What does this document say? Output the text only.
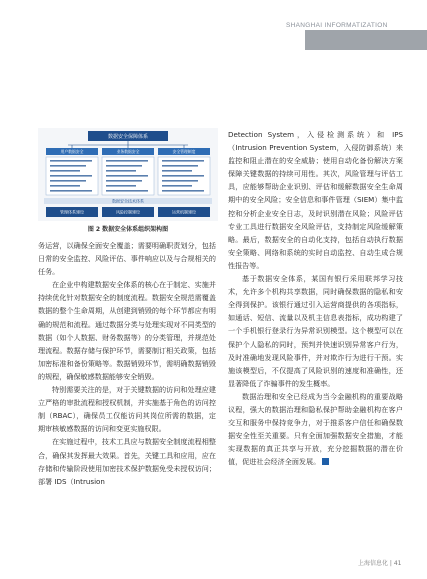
SHANGHAI INFORMATIZATION
数据安全保障体系
用户数据安全	业务数据安全	安全管理制度
数据安全技术体系
管理体系建设	风险控制建设	运营机制建设
图 2 数据安全体系组织架构图

务运营，以确保全面安全覆盖；需要明确职责划分，包括日常的安全监控、风险评估、事件响应以及与合规相关的任务。

在企业中构建数据安全体系的核心在于制定、实施并持续优化针对数据安全的制度流程。数据安全规范需覆盖数据的整个生命周期，从创建到销毁的每个环节都应有明确的规范和流程。通过数据分类与处理实现对不同类型的数据（如个人数据、财务数据等）的分类管理，并规范处理流程。数据存储与保护环节，需要制订相关政策，包括加密标准和备份策略等。数据销毁环节，需明确数据销毁的规程，确保敏感数据能够安全销毁。

特别需要关注的是，对于关键数据的访问和处理应建立严格的审批流程和授权机制，并实施基于角色的访问控制（RBAC），确保员工仅能访问其岗位所需的数据，定期审核敏感数据的访问和变更实施权限。

在实施过程中，技术工具应与数据安全制度流程相整合，确保其发挥最大效果。首先，关键工具和应用，应在存储和传输阶段使用加密技术保护数据免受未授权访问；部署 IDS（Intrusion

Detection System，入侵检测系统）和 IPS（Intrusion Prevention System，入侵防御系统）来监控和阻止潜在的安全威胁；使用自动化备份解决方案保障关键数据的持续可用性。其次，风险管理与评估工具，应能够帮助企业识别、评估和缓解数据安全生命周期中的安全风险；安全信息和事件管理（SIEM）集中监控和分析企业安全日志，及时识别潜在风险；风险评估专业工具进行数据安全风险评估，支持制定风险缓解策略。最后，数据安全的自动化支持，包括自动执行数据安全策略、网络和系统的实时自动监控、自动生成合规性报告等。

基于数据安全体系，某国有银行采用联邦学习技术，允许多个机构共享数据，同时确保数据的隐私和安全得到保护。该银行通过引入运营商提供的各项指标，如通话、短信、流量以及机主信息表指标，成功构建了一个手机银行登录行为异常识别模型。这个模型可以在保护个人隐私的同时，预判并快速识别异常客户行为，及时准确地发现风险事件，并对欺诈行为进行干预。实施该模型后，不仅提高了风险识别的速度和准确性，还显著降低了诈骗事件的发生概率。

数据治理和安全已经成为当今金融机构的重要战略议程，强大的数据治理和隐私保护帮助金融机构在客户交互和服务中保持竞争力，对于推系客户信任和确保数据安全性至关重要。只有全面加强数据安全措施，才能实现数据的真正共享与开放，充分挖掘数据的潜在价值，促进社会经济全面发展。

上海信息化 | 41
